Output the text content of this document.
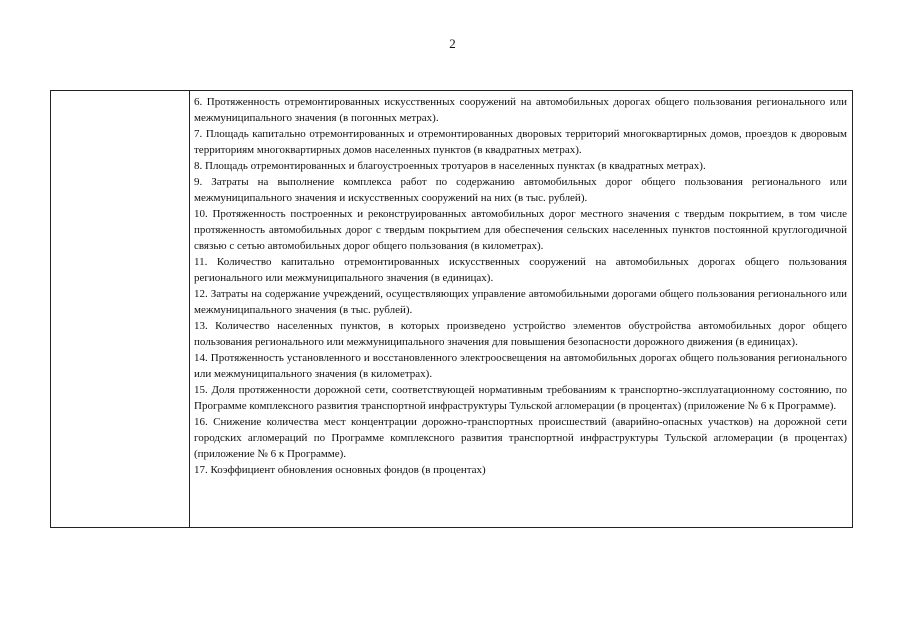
2

6. Протяженность отремонтированных искусственных сооружений на автомобильных дорогах общего пользования регионального или межмуниципального значения (в погонных метрах).

7. Площадь капитально отремонтированных и отремонтированных дворовых территорий многоквартирных домов, проездов к дворовым территориям многоквартирных домов населенных пунктов (в квадратных метрах).

8. Площадь отремонтированных и благоустроенных тротуаров в населенных пунктах (в квадратных метрах).

9. Затраты на выполнение комплекса работ по содержанию автомобильных дорог общего пользования регионального или межмуниципального значения и искусственных сооружений на них (в тыс. рублей).

10. Протяженность построенных и реконструированных автомобильных дорог местного значения с твердым покрытием, в том числе протяженность автомобильных дорог с твердым покрытием для обеспечения сельских населенных пунктов постоянной круглогодичной связью с сетью автомобильных дорог общего пользования (в километрах).

11. Количество капитально отремонтированных искусственных сооружений на автомобильных дорогах общего пользования регионального или межмуниципального значения (в единицах).

12. Затраты на содержание учреждений, осуществляющих управление автомобильными дорогами общего пользования регионального или межмуниципального значения (в тыс. рублей).

13. Количество населенных пунктов, в которых произведено устройство элементов обустройства автомобильных дорог общего пользования регионального или межмуниципального значения для повышения безопасности дорожного движения (в единицах).

14. Протяженность установленного и восстановленного электроосвещения на автомобильных дорогах общего пользования регионального или межмуниципального значения (в километрах).

15. Доля протяженности дорожной сети, соответствующей нормативным требованиям к транспортно-эксплуатационному состоянию, по Программе комплексного развития транспортной инфраструктуры Тульской агломерации (в процентах) (приложение № 6 к Программе).

16. Снижение количества мест концентрации дорожно-транспортных происшествий (аварийно-опасных участков) на дорожной сети городских агломераций по Программе комплексного развития транспортной инфраструктуры Тульской агломерации (в процентах) (приложение № 6 к Программе).

17. Коэффициент обновления основных фондов (в процентах)
